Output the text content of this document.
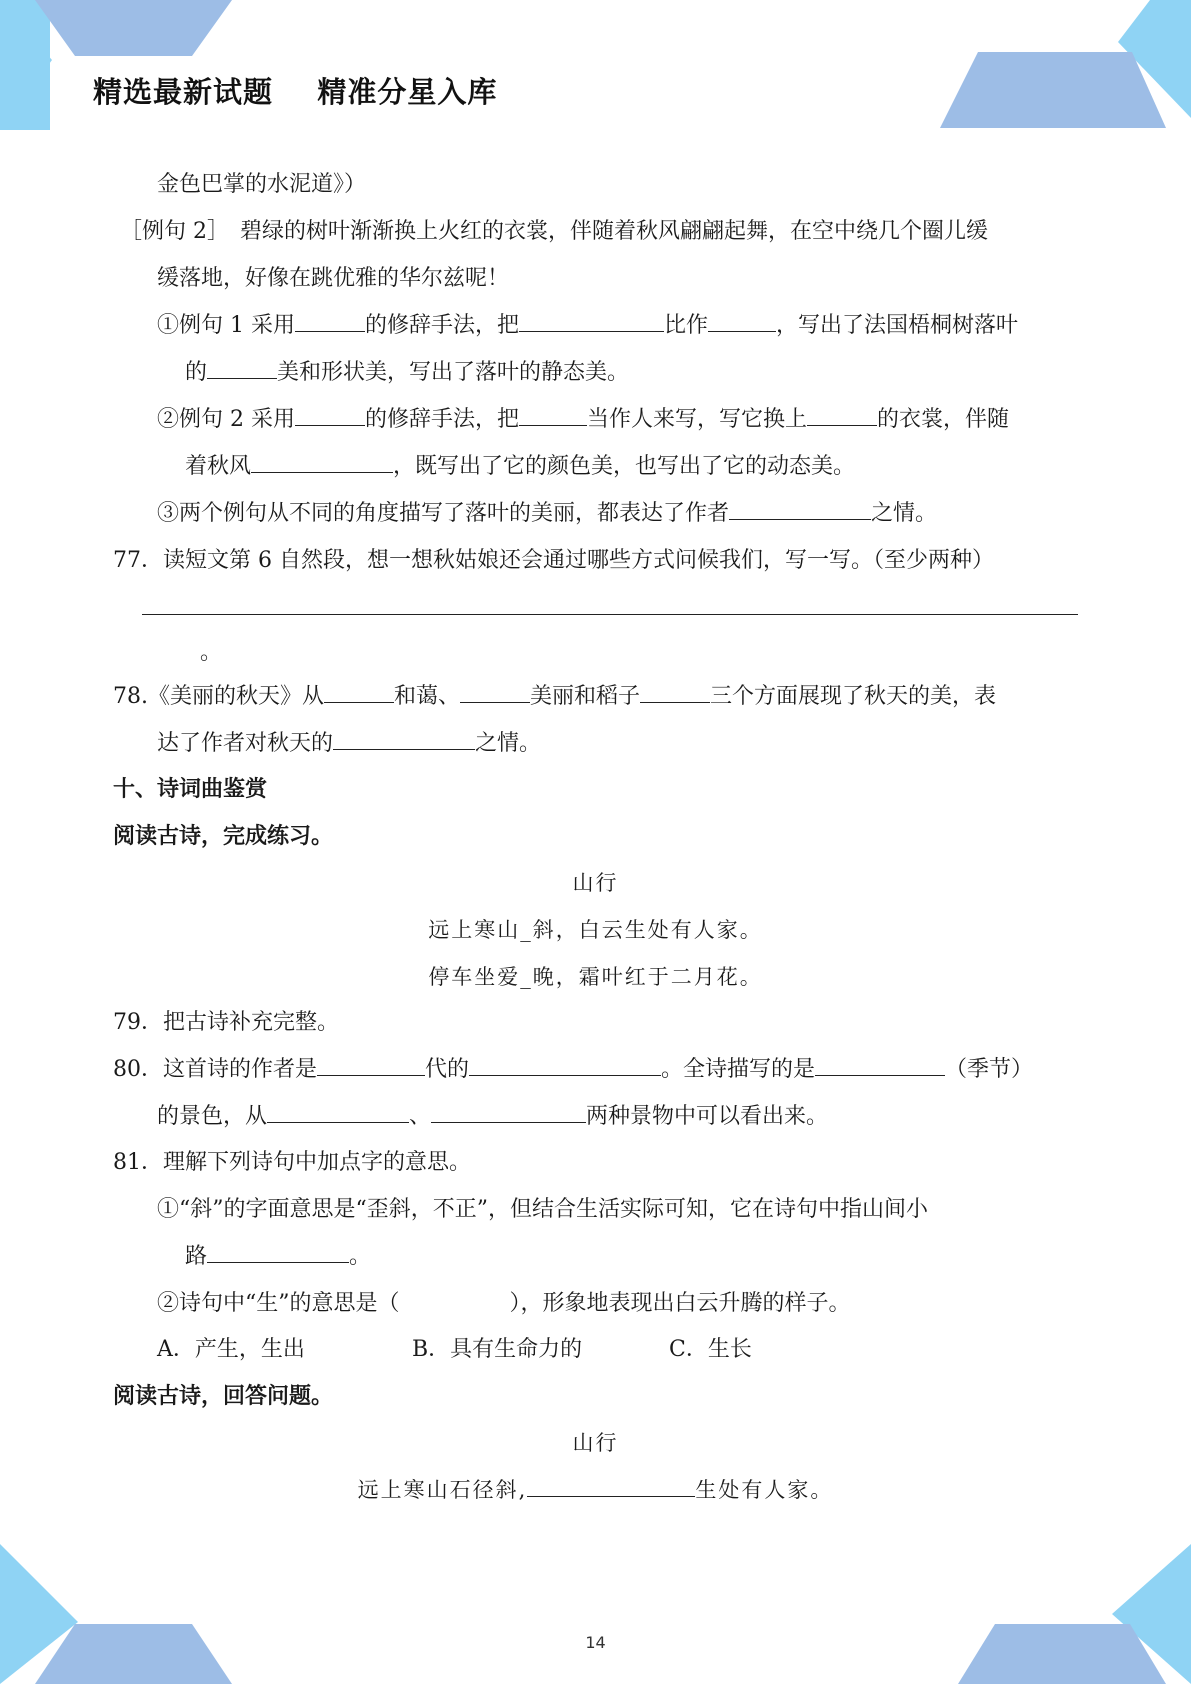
精选最新试题    精准分星入库
金色巴掌的水泥道》）
［例句 2］　碧绿的树叶渐渐换上火红的衣裳，伴随着秋风翩翩起舞，在空中绕几个圈儿缓
缓落地，好像在跳优雅的华尔兹呢！
①例句 1 采用	的修辞手法，把	比作	，写出了法国梧桐树落叶
的	美和形状美，写出了落叶的静态美。
②例句 2 采用	的修辞手法，把	当作人来写，写它换上	的衣裳，伴随
着秋风	，既写出了它的颜色美，也写出了它的动态美。
③两个例句从不同的角度描写了落叶的美丽，都表达了作者	之情。
77．读短文第 6 自然段，想一想秋姑娘还会通过哪些方式问候我们，写一写。（至少两种）
。
78.《美丽的秋天》从	和蔼、	美丽和稻子	三个方面展现了秋天的美，表
达了作者对秋天的	之情。
十、诗词曲鉴赏
阅读古诗，完成练习。
山行
远上寒山_斜，白云生处有人家。
停车坐爱_晚，霜叶红于二月花。
79．把古诗补充完整。
80．这首诗的作者是	代的	。全诗描写的是	（季节）
的景色，从	、	两种景物中可以看出来。
81．理解下列诗句中加点字的意思。
①“斜”的字面意思是“歪斜，不正”，但结合生活实际可知，它在诗句中指山间小
路	。
②诗句中“生”的意思是（	），形象地表现出白云升腾的样子。
A．产生，生出	B．具有生命力的	C．生长
阅读古诗，回答问题。
山行
远上寒山石径斜,	生处有人家。
14
